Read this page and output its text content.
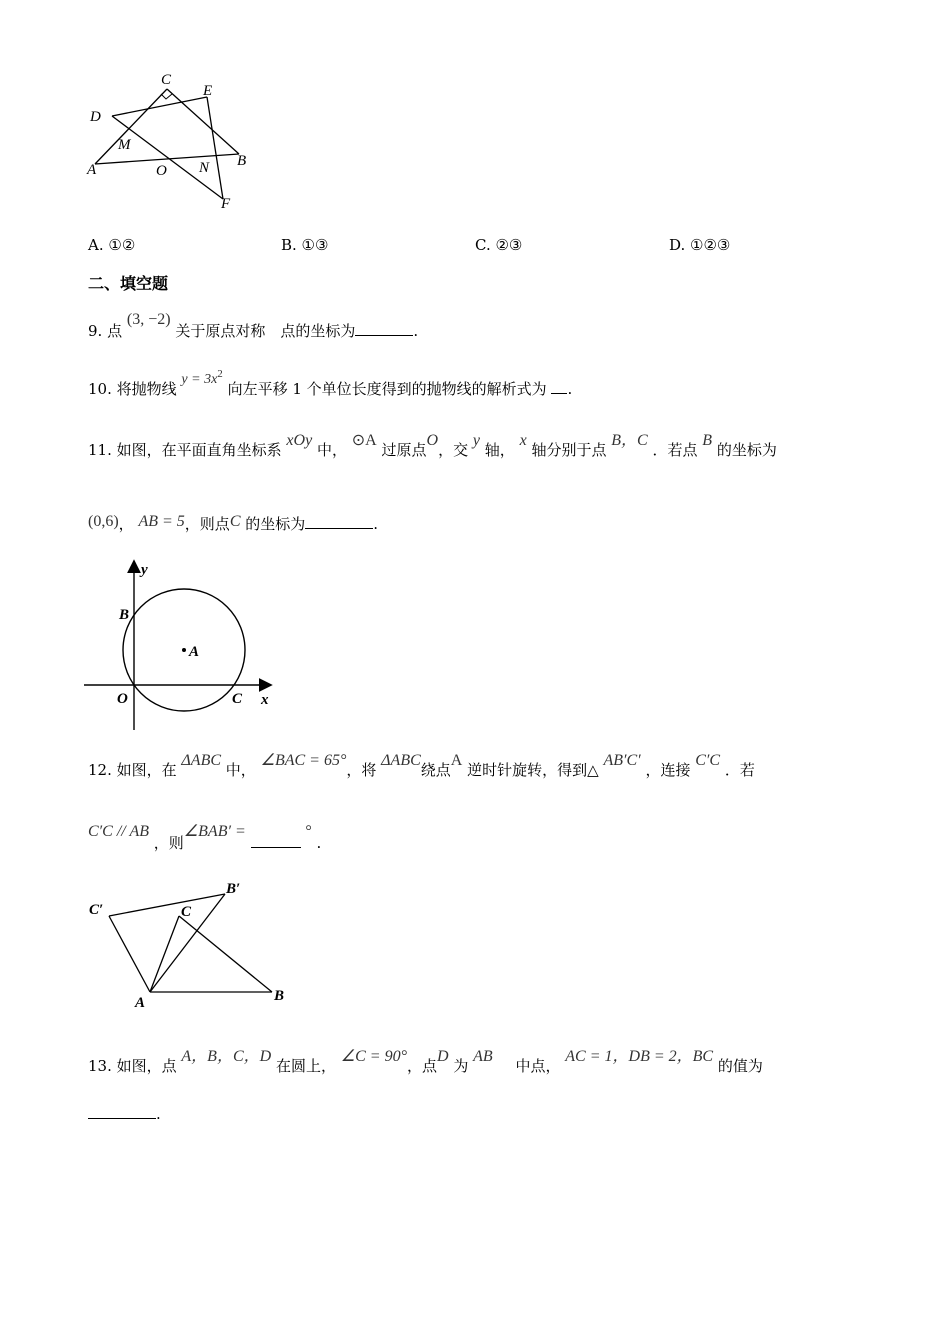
C
E
D
M
A	O N B
F
A. ①②	B. ①③	C. ②③	D. ①②③
二、填空题
9. 点 (3, −2) 关于原点对称　点的坐标为	.
10. 将抛物线 $y = 3x^2$ 向左平移 1 个单位长度得到的抛物线的解析式为 .
11. 如图，在平面直角坐标系 xOy 中， ⊙A 过原点O，交 y 轴， x 轴分别于点 B，C ．若点 B 的坐标为
(0,6)， AB = 5，则点C 的坐标为	.
y
x
B
A
O	C
12. 如图，在 ΔABC 中， ∠BAC = 65°，将 ΔABC绕点A 逆时针旋转，得到△ AB′C′ ，连接 C′C ．若
C′C // AB ，则∠BAB′ =	° .
C′
B′
C
A	B
13. 如图，点 A，B，C，D 在圆上， ∠C = 90°，点D 为 AB 中点， AC = 1，DB = 2，BC 的值为
.
